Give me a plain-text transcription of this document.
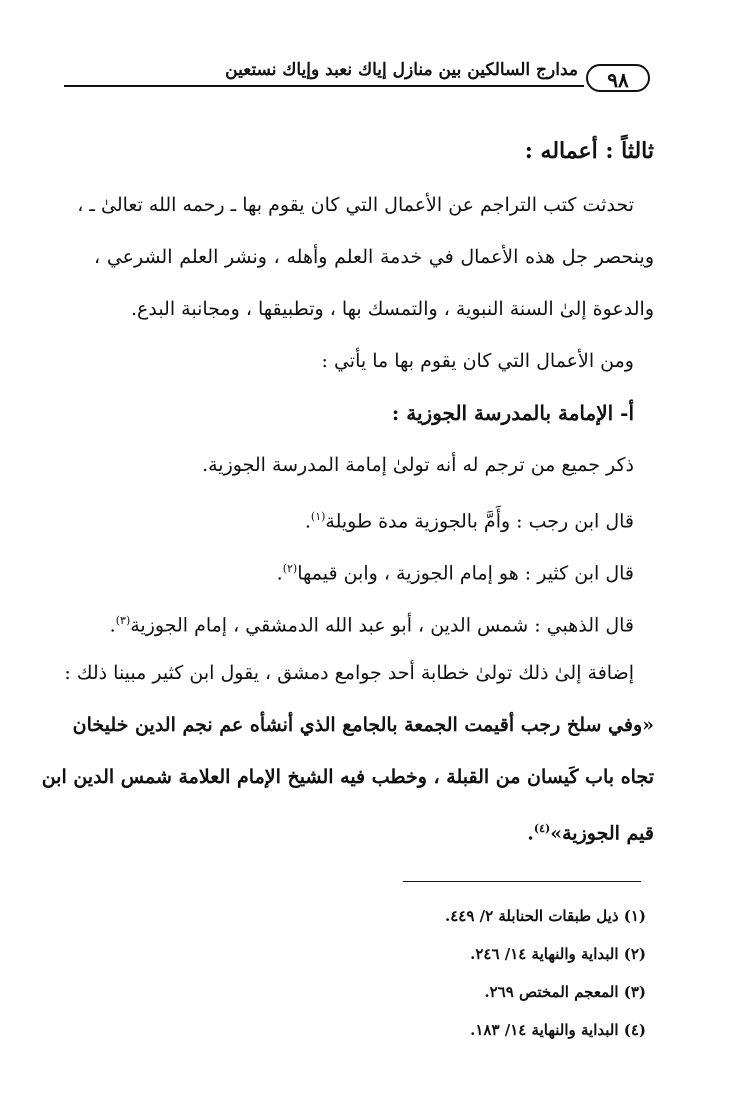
٩٨
مدارج السالكين بين منازل إياك نعبد وإياك نستعين
ثالثاً : أعماله :
تحدثت كتب التراجم عن الأعمال التي كان يقوم بها ـ رحمه الله تعالىٰ ـ ،
وينحصر جل هذه الأعمال في خدمة العلم وأهله ، ونشر العلم الشرعي ،
والدعوة إلىٰ السنة النبوية ، والتمسك بها ، وتطبيقها ، ومجانبة البدع.
ومن الأعمال التي كان يقوم بها ما يأتي :
أ- الإمامة بالمدرسة الجوزية :
ذكر جميع من ترجم له أنه تولىٰ إمامة المدرسة الجوزية.
قال ابن رجب : وأَمَّ بالجوزية مدة طويلة$^{(١)}$.
قال ابن كثير : هو إمام الجوزية ، وابن قيمها$^{(٢)}$.
قال الذهبي : شمس الدين ، أبو عبد الله الدمشقي ، إمام الجوزية$^{(٣)}$.
إضافة إلىٰ ذلك تولىٰ خطابة أحد جوامع دمشق ، يقول ابن كثير مبينا ذلك :
«وفي سلخ رجب أقيمت الجمعة بالجامع الذي أنشأه عم نجم الدين خليخان
تجاه باب كَيسان من القبلة ، وخطب فيه الشيخ الإمام العلامة شمس الدين ابن
قيم الجوزية»$^{(٤)}$.
(١) ذيل طبقات الحنابلة ٢/ ٤٤٩.
(٢) البداية والنهاية ١٤/ ٢٤٦.
(٣) المعجم المختص ٢٦٩.
(٤) البداية والنهاية ١٤/ ١٨٣.
